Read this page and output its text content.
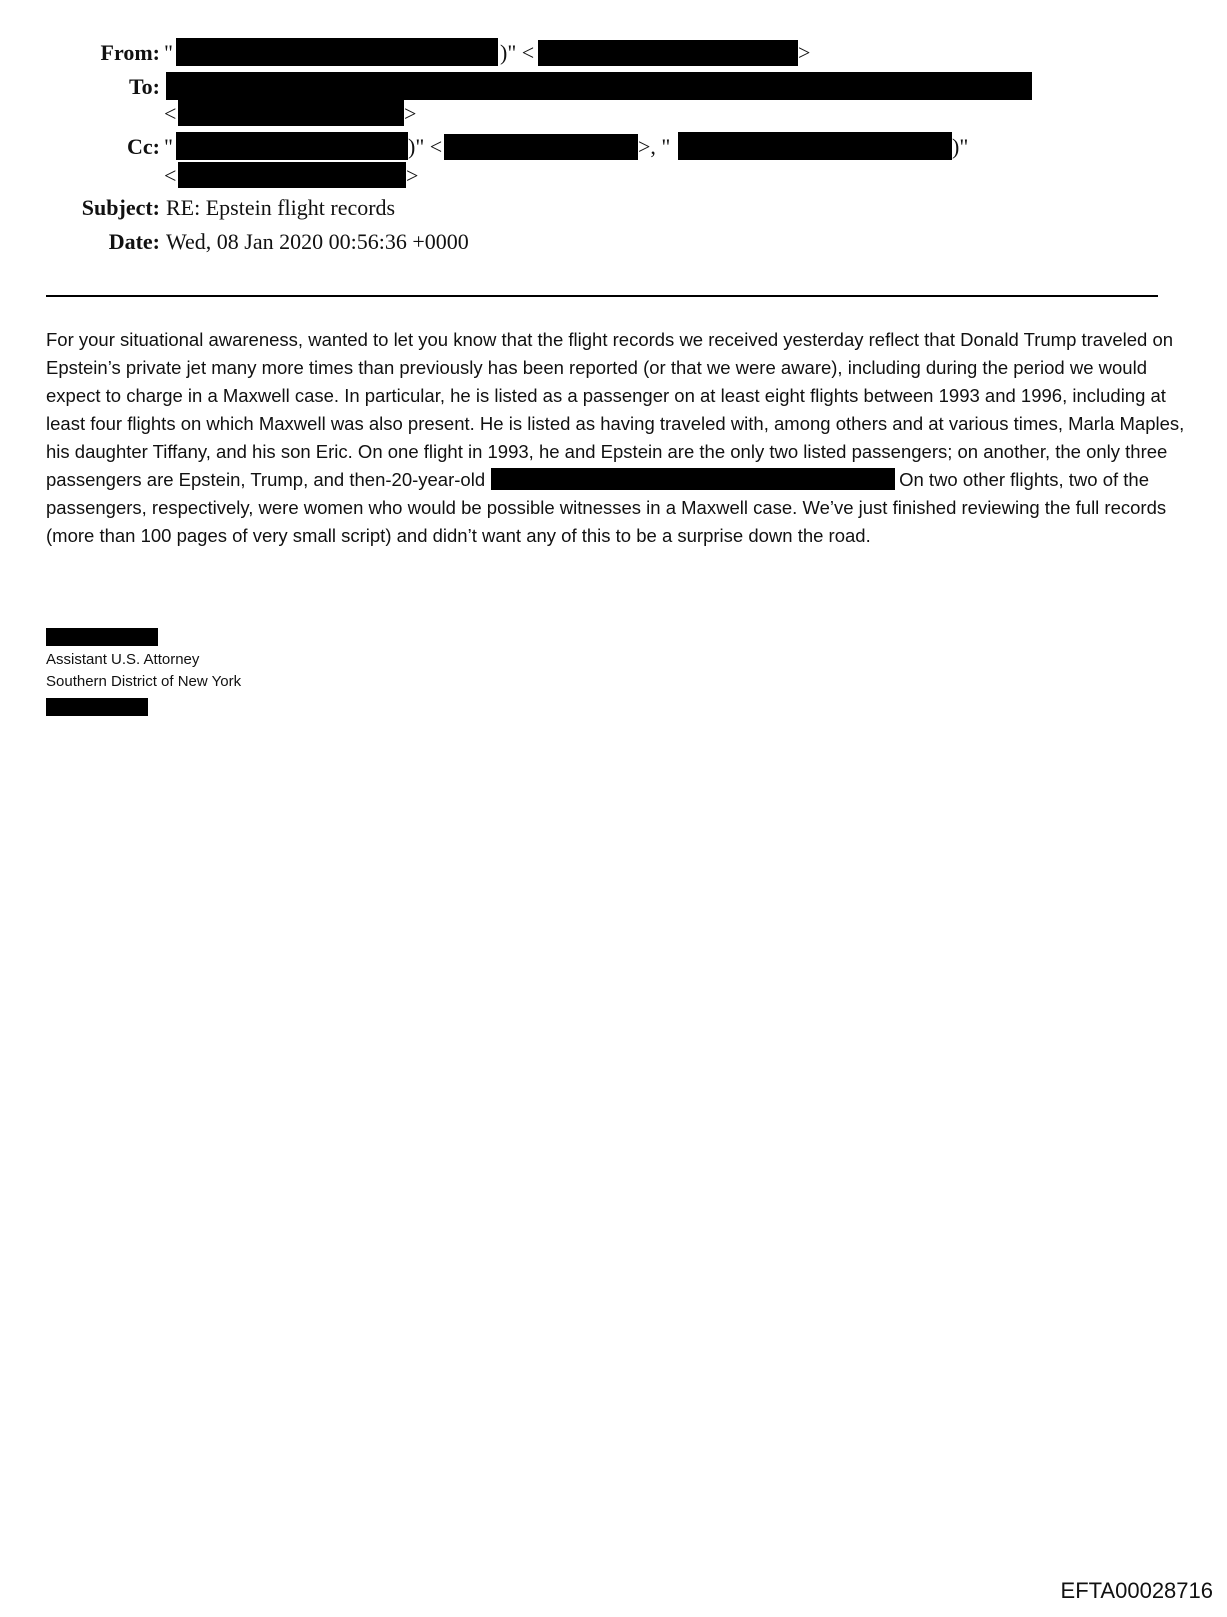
From: "	)" <	>
To:
<	>
Cc: "	)" <	>, "	)"
<	>
Subject: RE: Epstein flight records
Date: Wed, 08 Jan 2020 00:56:36 +0000
For your situational awareness, wanted to let you know that the flight records we received yesterday reflect that Donald Trump traveled on Epstein’s private jet many more times than previously has been reported (or that we were aware), including during the period we would expect to charge in a Maxwell case. In particular, he is listed as a passenger on at least eight flights between 1993 and 1996, including at least four flights on which Maxwell was also present. He is listed as having traveled with, among others and at various times, Marla Maples, his daughter Tiffany, and his son Eric. On one flight in 1993, he and Epstein are the only two listed passengers; on another, the only three passengers are Epstein, Trump, and then-20-year-old	On two other flights, two of the passengers, respectively, were women who would be possible witnesses in a Maxwell case. We’ve just finished reviewing the full records (more than 100 pages of very small script) and didn’t want any of this to be a surprise down the road.
Assistant U.S. Attorney
Southern District of New York
EFTA00028716
